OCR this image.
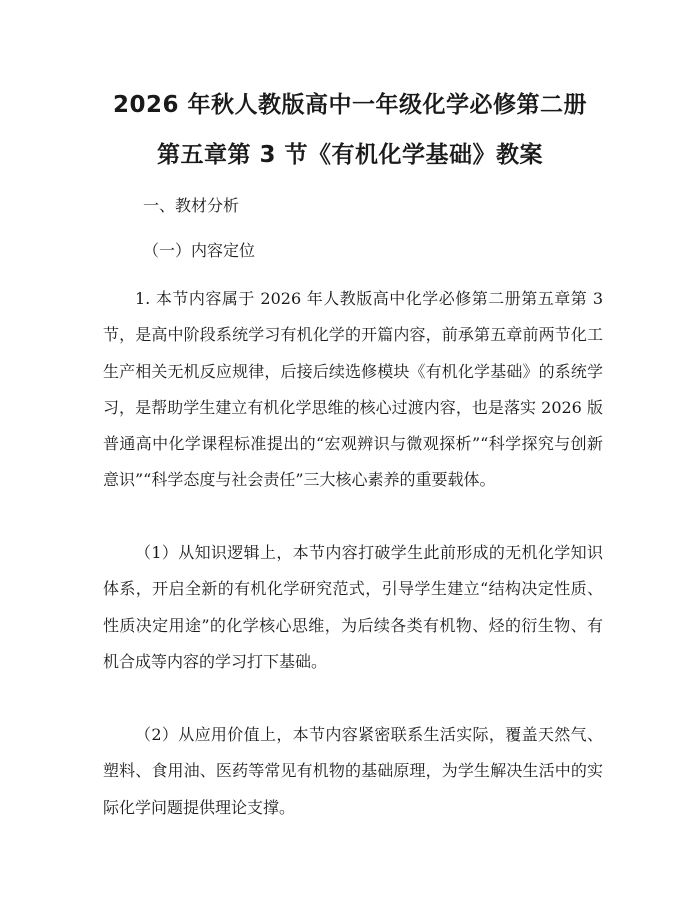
2026 年秋人教版高中一年级化学必修第二册
第五章第 3 节《有机化学基础》教案

一、教材分析

（一）内容定位

1. 本节内容属于 2026 年人教版高中化学必修第二册第五章第 3 节，是高中阶段系统学习有机化学的开篇内容，前承第五章前两节化工生产相关无机反应规律，后接后续选修模块《有机化学基础》的系统学习，是帮助学生建立有机化学思维的核心过渡内容，也是落实 2026 版普通高中化学课程标准提出的“宏观辨识与微观探析”“科学探究与创新意识”“科学态度与社会责任”三大核心素养的重要载体。

（1）从知识逻辑上，本节内容打破学生此前形成的无机化学知识体系，开启全新的有机化学研究范式，引导学生建立“结构决定性质、性质决定用途”的化学核心思维，为后续各类有机物、烃的衍生物、有机合成等内容的学习打下基础。

（2）从应用价值上，本节内容紧密联系生活实际，覆盖天然气、塑料、食用油、医药等常见有机物的基础原理，为学生解决生活中的实际化学问题提供理论支撑。
